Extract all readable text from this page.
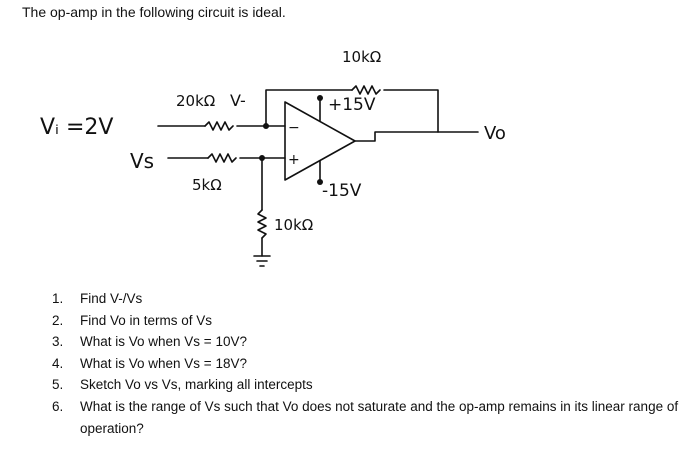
The op-amp in the following circuit is ideal.
Vᵢ =2V
Vs
20kΩ V-
5kΩ
10kΩ
10kΩ
+15V
-15V
−
+
Vo
1. Find V-/Vs
2. Find Vo in terms of Vs
3. What is Vo when Vs = 10V?
4. What is Vo when Vs = 18V?
5. Sketch Vo vs Vs, marking all intercepts
6. What is the range of Vs such that Vo does not saturate and the op-amp remains in its linear range of operation?
